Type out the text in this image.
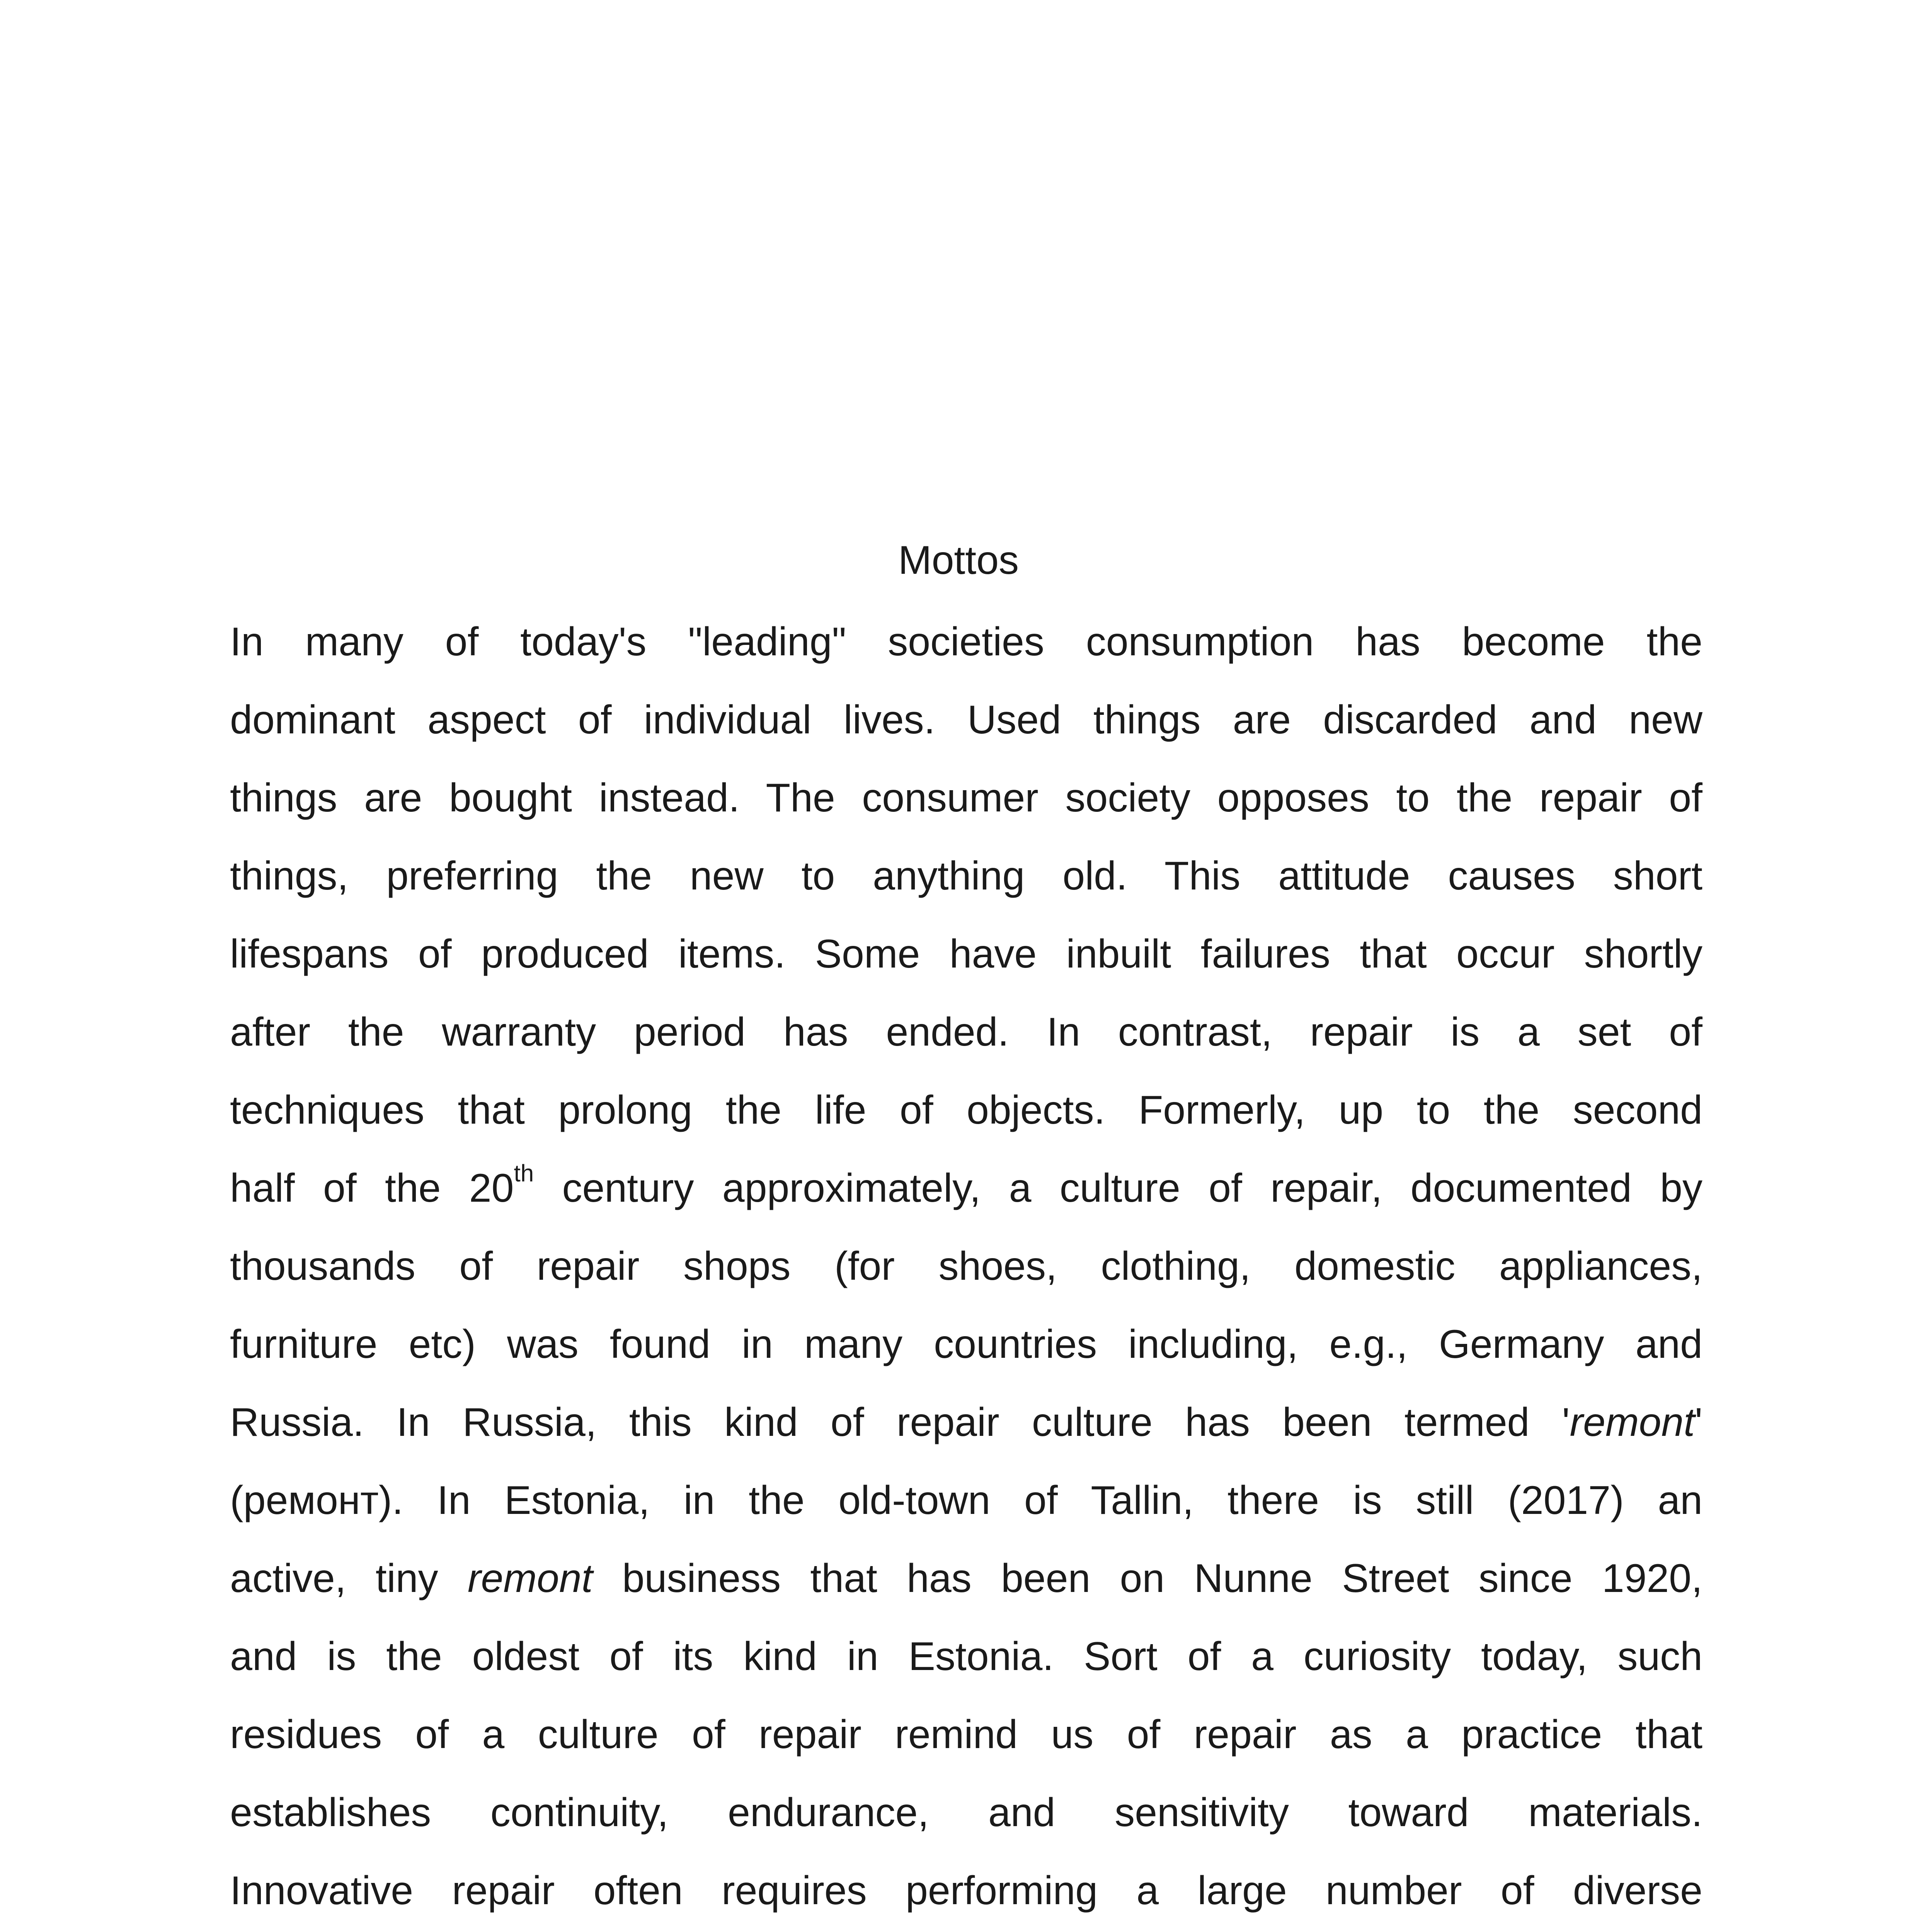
Mottos
In many of today's "leading" societies consumption has become the
dominant aspect of individual lives. Used things are discarded and new
things are bought instead. The consumer society opposes to the repair of
things, preferring the new to anything old. This attitude causes short
lifespans of produced items. Some have inbuilt failures that occur shortly
after the warranty period has ended. In contrast, repair is a set of
techniques that prolong the life of objects. Formerly, up to the second
half of the 20th century approximately, a culture of repair, documented by
thousands of repair shops (for shoes, clothing, domestic appliances,
furniture etc) was found in many countries including, e.g., Germany and
Russia. In Russia, this kind of repair culture has been termed 'remont'
(ремонт). In Estonia, in the old-town of Tallin, there is still (2017) an
active, tiny remont business that has been on Nunne Street since 1920,
and is the oldest of its kind in Estonia. Sort of a curiosity today, such
residues of a culture of repair remind us of repair as a practice that
establishes continuity, endurance, and sensitivity toward materials.
Innovative repair often requires performing a large number of diverse
